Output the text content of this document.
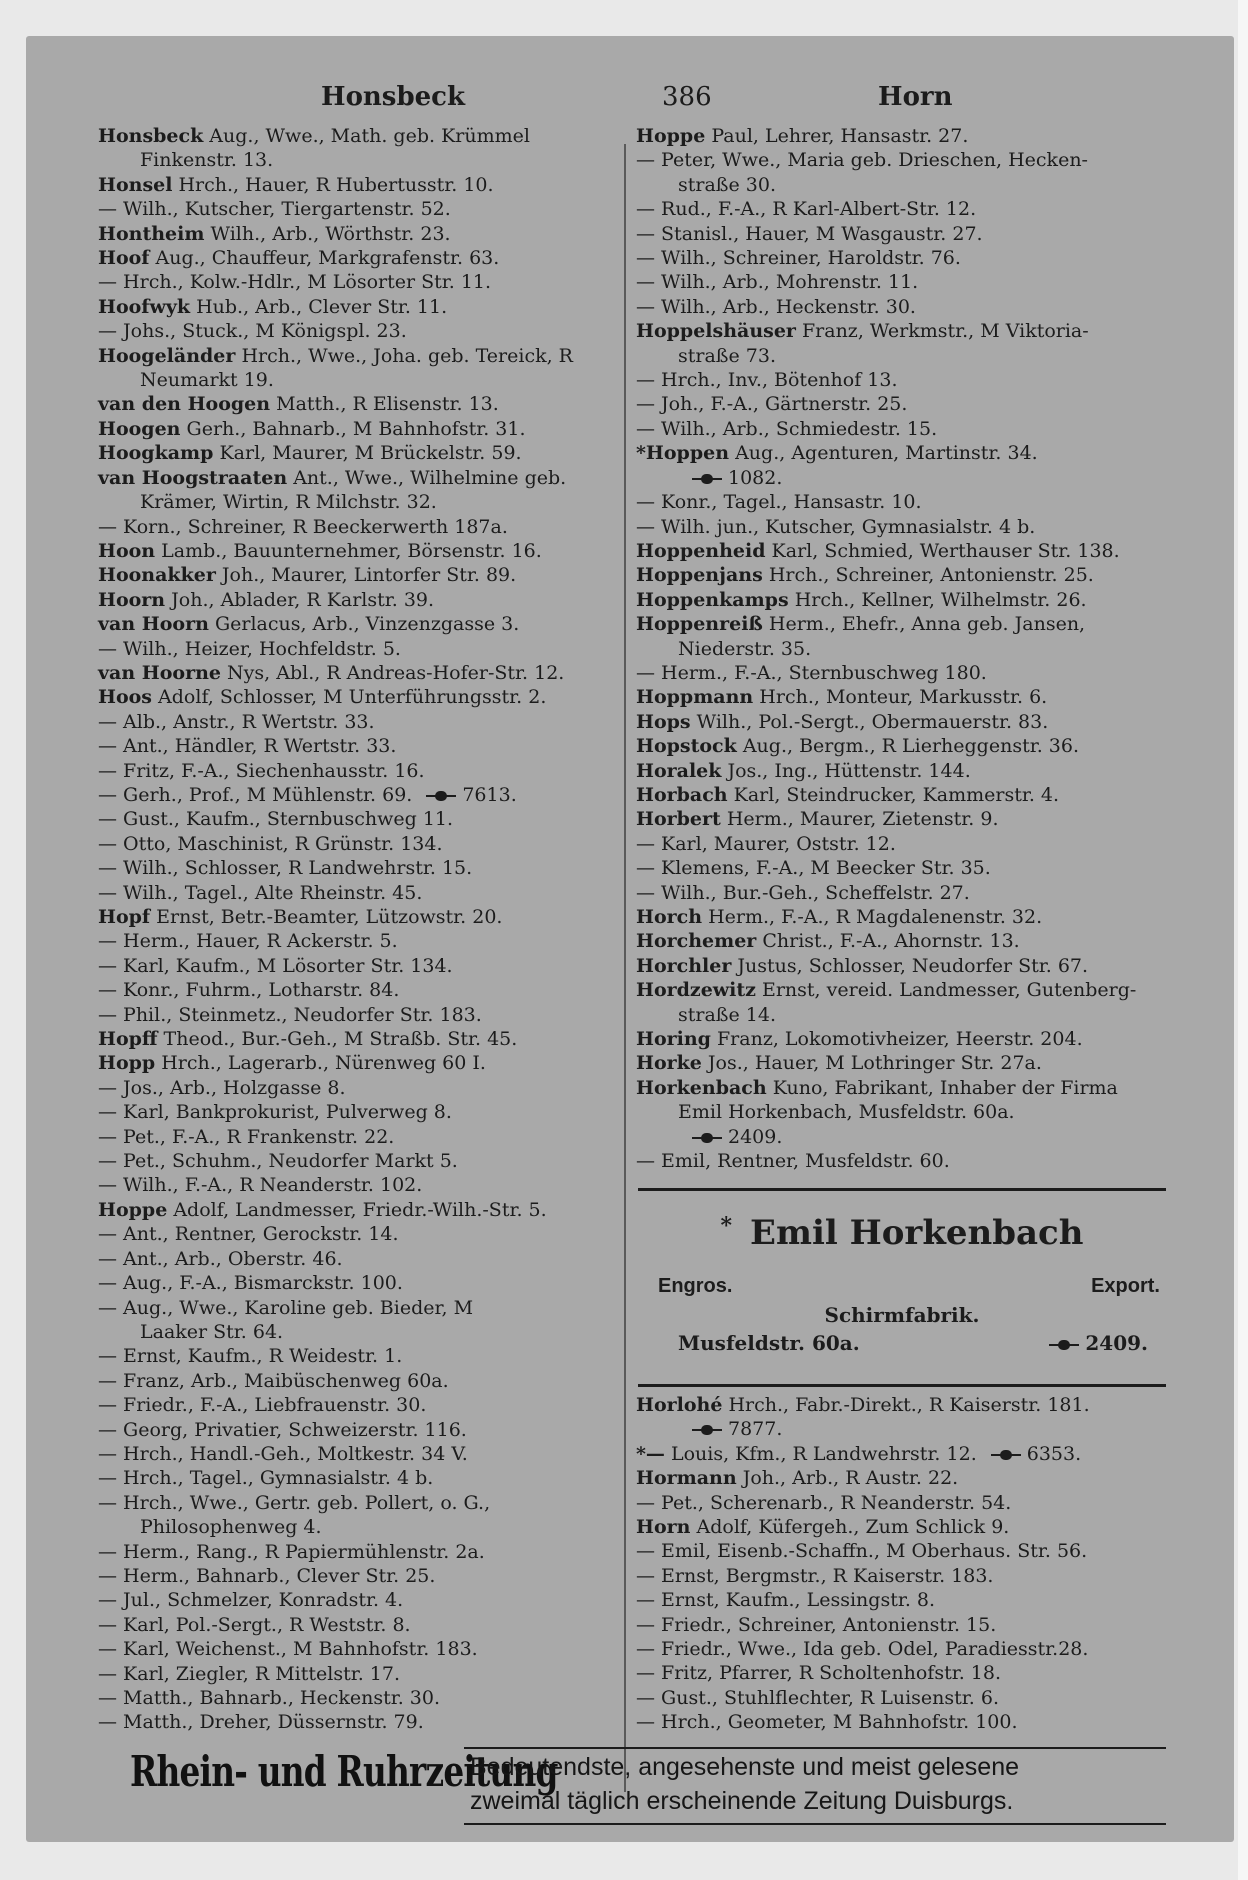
Honsbeck	386	Horn
Honsbeck Aug., Wwe., Math. geb. Krümmel
Finkenstr. 13.
Honsel Hrch., Hauer, R Hubertusstr. 10.
— Wilh., Kutscher, Tiergartenstr. 52.
Hontheim Wilh., Arb., Wörthstr. 23.
Hoof Aug., Chauffeur, Markgrafenstr. 63.
— Hrch., Kolw.-Hdlr., M Lösorter Str. 11.
Hoofwyk Hub., Arb., Clever Str. 11.
— Johs., Stuck., M Königspl. 23.
Hoogeländer Hrch., Wwe., Joha. geb. Tereick, R
Neumarkt 19.
van den Hoogen Matth., R Elisenstr. 13.
Hoogen Gerh., Bahnarb., M Bahnhofstr. 31.
Hoogkamp Karl, Maurer, M Brückelstr. 59.
van Hoogstraaten Ant., Wwe., Wilhelmine geb.
Krämer, Wirtin, R Milchstr. 32.
— Korn., Schreiner, R Beeckerwerth 187a.
Hoon Lamb., Bauunternehmer, Börsenstr. 16.
Hoonakker Joh., Maurer, Lintorfer Str. 89.
Hoorn Joh., Ablader, R Karlstr. 39.
van Hoorn Gerlacus, Arb., Vinzenzgasse 3.
— Wilh., Heizer, Hochfeldstr. 5.
van Hoorne Nys, Abl., R Andreas-Hofer-Str. 12.
Hoos Adolf, Schlosser, M Unterführungsstr. 2.
— Alb., Anstr., R Wertstr. 33.
— Ant., Händler, R Wertstr. 33.
— Fritz, F.-A., Siechenhausstr. 16.
— Gerh., Prof., M Mühlenstr. 69.	7613.
— Gust., Kaufm., Sternbuschweg 11.
— Otto, Maschinist, R Grünstr. 134.
— Wilh., Schlosser, R Landwehrstr. 15.
— Wilh., Tagel., Alte Rheinstr. 45.
Hopf Ernst, Betr.-Beamter, Lützowstr. 20.
— Herm., Hauer, R Ackerstr. 5.
— Karl, Kaufm., M Lösorter Str. 134.
— Konr., Fuhrm., Lotharstr. 84.
— Phil., Steinmetz., Neudorfer Str. 183.
Hopff Theod., Bur.-Geh., M Straßb. Str. 45.
Hopp Hrch., Lagerarb., Nürenweg 60 I.
— Jos., Arb., Holzgasse 8.
— Karl, Bankprokurist, Pulverweg 8.
— Pet., F.-A., R Frankenstr. 22.
— Pet., Schuhm., Neudorfer Markt 5.
— Wilh., F.-A., R Neanderstr. 102.
Hoppe Adolf, Landmesser, Friedr.-Wilh.-Str. 5.
— Ant., Rentner, Gerockstr. 14.
— Ant., Arb., Oberstr. 46.
— Aug., F.-A., Bismarckstr. 100.
— Aug., Wwe., Karoline geb. Bieder, M
Laaker Str. 64.
— Ernst, Kaufm., R Weidestr. 1.
— Franz, Arb., Maibüschenweg 60a.
— Friedr., F.-A., Liebfrauenstr. 30.
— Georg, Privatier, Schweizerstr. 116.
— Hrch., Handl.-Geh., Moltkestr. 34 V.
— Hrch., Tagel., Gymnasialstr. 4 b.
— Hrch., Wwe., Gertr. geb. Pollert, o. G.,
Philosophenweg 4.
— Herm., Rang., R Papiermühlenstr. 2a.
— Herm., Bahnarb., Clever Str. 25.
— Jul., Schmelzer, Konradstr. 4.
— Karl, Pol.-Sergt., R Weststr. 8.
— Karl, Weichenst., M Bahnhofstr. 183.
— Karl, Ziegler, R Mittelstr. 17.
— Matth., Bahnarb., Heckenstr. 30.
— Matth., Dreher, Düssernstr. 79.
Hoppe Paul, Lehrer, Hansastr. 27.
— Peter, Wwe., Maria geb. Drieschen, Hecken-
straße 30.
— Rud., F.-A., R Karl-Albert-Str. 12.
— Stanisl., Hauer, M Wasgaustr. 27.
— Wilh., Schreiner, Haroldstr. 76.
— Wilh., Arb., Mohrenstr. 11.
— Wilh., Arb., Heckenstr. 30.
Hoppelshäuser Franz, Werkmstr., M Viktoria-
straße 73.
— Hrch., Inv., Bötenhof 13.
— Joh., F.-A., Gärtnerstr. 25.
— Wilh., Arb., Schmiedestr. 15.
*Hoppen Aug., Agenturen, Martinstr. 34.
1082.
— Konr., Tagel., Hansastr. 10.
— Wilh. jun., Kutscher, Gymnasialstr. 4 b.
Hoppenheid Karl, Schmied, Werthauser Str. 138.
Hoppenjans Hrch., Schreiner, Antonienstr. 25.
Hoppenkamps Hrch., Kellner, Wilhelmstr. 26.
Hoppenreiß Herm., Ehefr., Anna geb. Jansen,
Niederstr. 35.
— Herm., F.-A., Sternbuschweg 180.
Hoppmann Hrch., Monteur, Markusstr. 6.
Hops Wilh., Pol.-Sergt., Obermauerstr. 83.
Hopstock Aug., Bergm., R Lierheggenstr. 36.
Horalek Jos., Ing., Hüttenstr. 144.
Horbach Karl, Steindrucker, Kammerstr. 4.
Horbert Herm., Maurer, Zietenstr. 9.
— Karl, Maurer, Oststr. 12.
— Klemens, F.-A., M Beecker Str. 35.
— Wilh., Bur.-Geh., Scheffelstr. 27.
Horch Herm., F.-A., R Magdalenenstr. 32.
Horchemer Christ., F.-A., Ahornstr. 13.
Horchler Justus, Schlosser, Neudorfer Str. 67.
Hordzewitz Ernst, vereid. Landmesser, Gutenberg-
straße 14.
Horing Franz, Lokomotivheizer, Heerstr. 204.
Horke Jos., Hauer, M Lothringer Str. 27a.
Horkenbach Kuno, Fabrikant, Inhaber der Firma
Emil Horkenbach, Musfeldstr. 60a.
2409.
— Emil, Rentner, Musfeldstr. 60.
* Emil Horkenbach
Engros.	Export.
Schirmfabrik.
Musfeldstr. 60a.	2409.
Horlohé Hrch., Fabr.-Direkt., R Kaiserstr. 181.
7877.
*— Louis, Kfm., R Landwehrstr. 12.	6353.
Hormann Joh., Arb., R Austr. 22.
— Pet., Scherenarb., R Neanderstr. 54.
Horn Adolf, Küfergeh., Zum Schlick 9.
— Emil, Eisenb.-Schaffn., M Oberhaus. Str. 56.
— Ernst, Bergmstr., R Kaiserstr. 183.
— Ernst, Kaufm., Lessingstr. 8.
— Friedr., Schreiner, Antonienstr. 15.
— Friedr., Wwe., Ida geb. Odel, Paradiesstr.28.
— Fritz, Pfarrer, R Scholtenhofstr. 18.
— Gust., Stuhlflechter, R Luisenstr. 6.
— Hrch., Geometer, M Bahnhofstr. 100.
Rhein- und Ruhrzeitung
Bedeutendste, angesehenste und meist gelesene
zweimal täglich erscheinende Zeitung Duisburgs.
